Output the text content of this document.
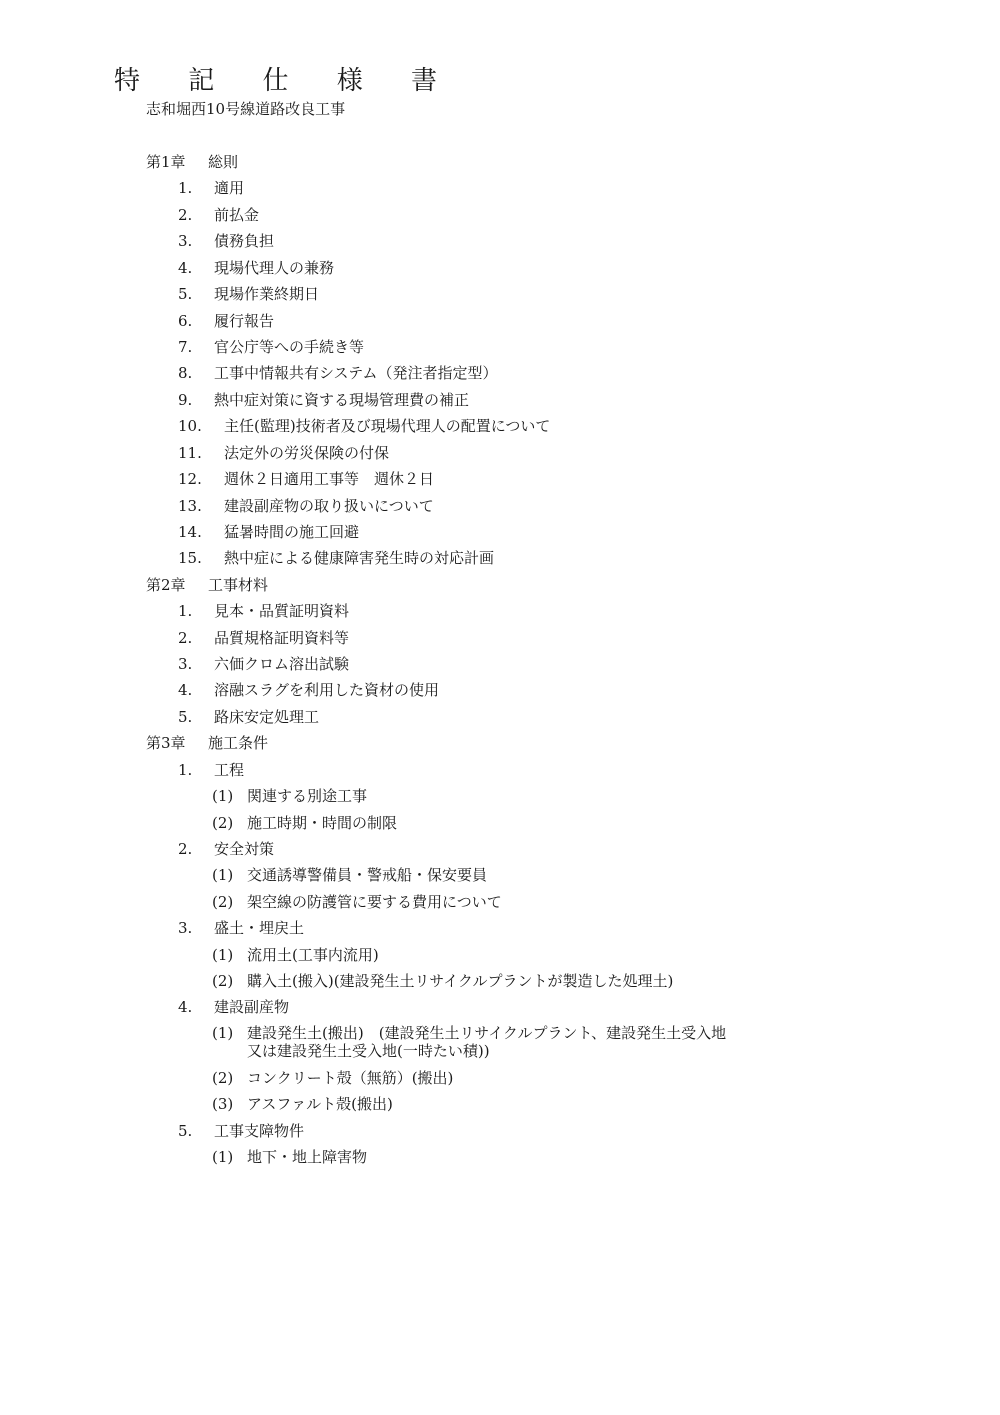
特 記 仕 様 書
志和堀西10号線道路改良工事
第1章 総則
1. 適用
2. 前払金
3. 債務負担
4. 現場代理人の兼務
5. 現場作業終期日
6. 履行報告
7. 官公庁等への手続き等
8. 工事中情報共有システム（発注者指定型）
9. 熱中症対策に資する現場管理費の補正
10. 主任(監理)技術者及び現場代理人の配置について
11. 法定外の労災保険の付保
12. 週休２日適用工事等　週休２日
13. 建設副産物の取り扱いについて
14. 猛暑時間の施工回避
15. 熱中症による健康障害発生時の対応計画
第2章 工事材料
1. 見本・品質証明資料
2. 品質規格証明資料等
3. 六価クロム溶出試験
4. 溶融スラグを利用した資材の使用
5. 路床安定処理工
第3章 施工条件
1. 工程
(1) 関連する別途工事
(2) 施工時期・時間の制限
2. 安全対策
(1) 交通誘導警備員・警戒船・保安要員
(2) 架空線の防護管に要する費用について
3. 盛土・埋戻土
(1) 流用土(工事内流用)
(2) 購入土(搬入)(建設発生土リサイクルプラントが製造した処理土)
4. 建設副産物
(1) 建設発生土(搬出)　(建設発生土リサイクルプラント、建設発生土受入地
又は建設発生土受入地(一時たい積))
(2) コンクリート殻（無筋）(搬出)
(3) アスファルト殻(搬出)
5. 工事支障物件
(1) 地下・地上障害物
